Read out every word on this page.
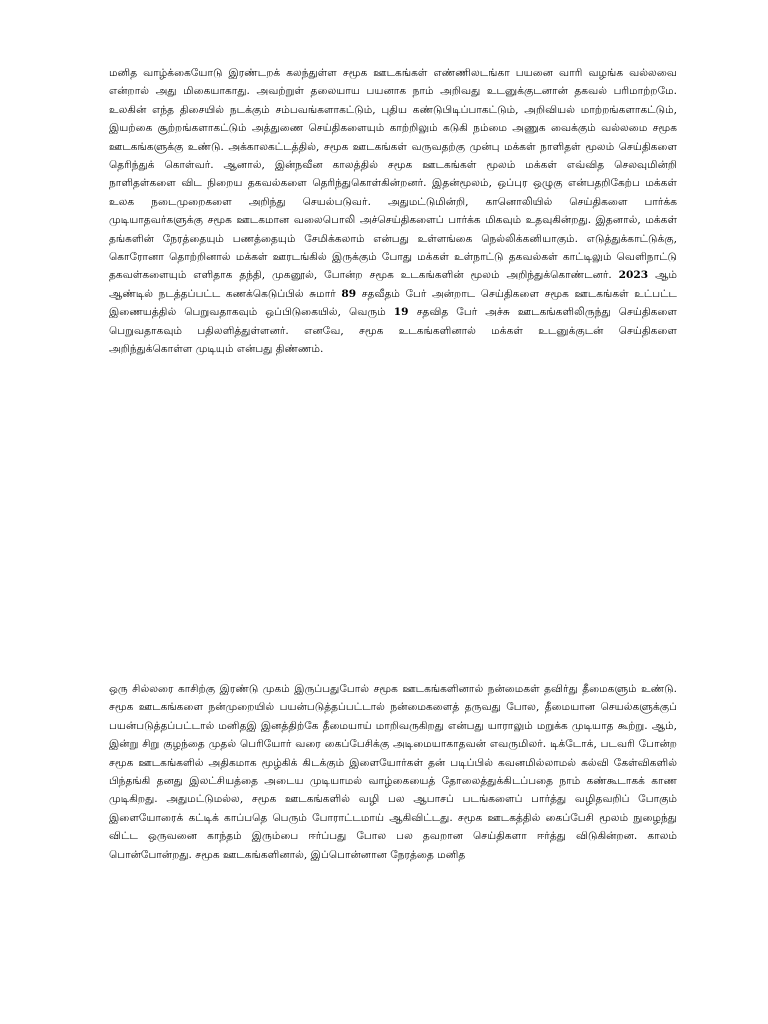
மனித வாழ்க்கையோடு இரண்டறக் கலந்துள்ள சமூக ஊடகங்கள் எண்ணிலடங்கா பயனை வாரி வழங்க வல்லவை என்றால் அது மிகையாகாது. அவற்றுள் தலையாய பயனாக நாம் அறிவது உடனுக்குடனான் தகவல் பரிமாற்றமே. உலகின் எந்த திசையில் நடக்கும் சம்பவங்களாகட்டும், புதிய கண்டுபிடிப்பாகட்டும், அறிவியல் மாற்றங்களாகட்டும், இயற்கை சூற்றங்களாகட்டும் அத்துணை செய்திகளையும் காற்றிலும் கடுகி நம்மை அணுக வைக்கும் வல்லமை சமூக ஊடகங்களுக்கு உண்டு. அக்காலகட்டத்தில், சமூக ஊடகங்கள் வருவதற்கு முன்பு மக்கள் நாளிதள் மூலம் செய்திகளை தெரிந்துக் கொள்வர். ஆனால், இன்நவீன காலத்தில் சமூக ஊடகங்கள் மூலம் மக்கள் எவ்வித செலவுமின்றி நாளிதள்களை விட நிறைய தகவல்களை தெரிந்துகொள்கின்றனர். இதன்மூலம், ஒப்புர ஒழுகு என்பதறிகேற்ப மக்கள் உலக நடைமுறைகளை அறிந்து செயல்படுவர். அதுமட்டுமின்றி, கானொலியில் செய்திகளை பார்க்க முடியாதவர்களுக்கு சமூக ஊடகமான வலைபொலி அச்செய்திகளைப் பார்க்க மிகவும் உதவுகின்றது. இதனால், மக்கள் தங்களின் நேரத்தையும் பணத்தையும் சேமிக்கலாம் என்பது உள்ளங்கை நெல்லிக்கனியாகும். எடுத்துக்காட்டுக்கு, கொரோனா தொற்றினால் மக்கள் ஊரடங்கில் இருக்கும் போது மக்கள் உள்நாட்டு தகவல்கள் காட்டிலும் வெளிநாட்டு தகவள்களையும் எளிதாக தந்தி, முகனூல், போன்ற சமூக உடகங்களின் மூலம் அறிந்துக்கொண்டனர். 2023 ஆம் ஆண்டில் நடத்தப்பட்ட கணக்கெடுப்பில் சுமார் 89 சதவீதம் பேர் அன்றாட செய்திகளை சமூக ஊடகங்கள் உட்பட்ட இணையத்தில் பெறுவதாகவும் ஒப்பிடுகையில், வெரும் 19 சதவித பேர் அச்சு ஊடகங்களிலிருந்து செய்திகளை பெறுவதாகவும் பதிலளித்துள்ளனர். எனவே, சமூக உடகங்களினால் மக்கள் உடனுக்குடன் செய்திகளை அறிந்துக்கொள்ள முடியும் என்பது திண்ணம்.

ஒரு சில்லரை காசிற்கு இரண்டு முகம் இருப்பதுபோல் சமூக ஊடகங்களினால் நன்மைகள் தவிர்து தீமைகளும் உண்டு. சமூக ஊடகங்களை நன்முறையில் பயன்படுத்தப்பட்டால் நன்மைகளைத் தருவது போல, தீமையான செயல்களுக்குப் பயன்படுத்தப்பட்டால் மனிதஇ இனத்திற்கே தீமையாய் மாறிவருகிறது என்பது யாராலும் மறுக்க முடியாத கூற்று. ஆம், இன்று சிறு குழந்தை முதல் பெரியோர் வரை கைப்பேசிக்கு அடிமையாகாதவன் எவருமிலர். டிக்டோக், படவரி போன்ற சமூக ஊடகங்களில் அதிகமாக மூழ்கிக் கிடக்கும் இளையோர்கள் தன் படிப்பில் கவனமில்லாமல் கல்வி கேள்விகளில் பிந்தங்கி தனது இலட்சியத்தை அடைய முடியாமல் வாழ்கையைத் தோலைத்துக்கிடப்பதை நாம் கண்கூடாகக் காண முடிகிறது. அதுமட்டுமல்ல, சமூக ஊடகங்களில் வழி பல ஆபாசப் படங்களைப் பார்த்து வழிதவறிப் போகும் இளையோரைக் கட்டிக் காப்பதெ பெரும் போராட்டமாய் ஆகிவிட்டது. சமூக ஊடகத்தில் கைப்பேசி மூலம் நுழைந்து விட்ட ஒருவனை காந்தம் இரும்பை ஈர்ப்பது போல பல தவறான செய்திகளா ஈர்த்து விடுகின்றன. காலம் பொன்போன்றது. சமூக ஊடகங்களினால், இப்பொன்னான நேரத்தை மனித
